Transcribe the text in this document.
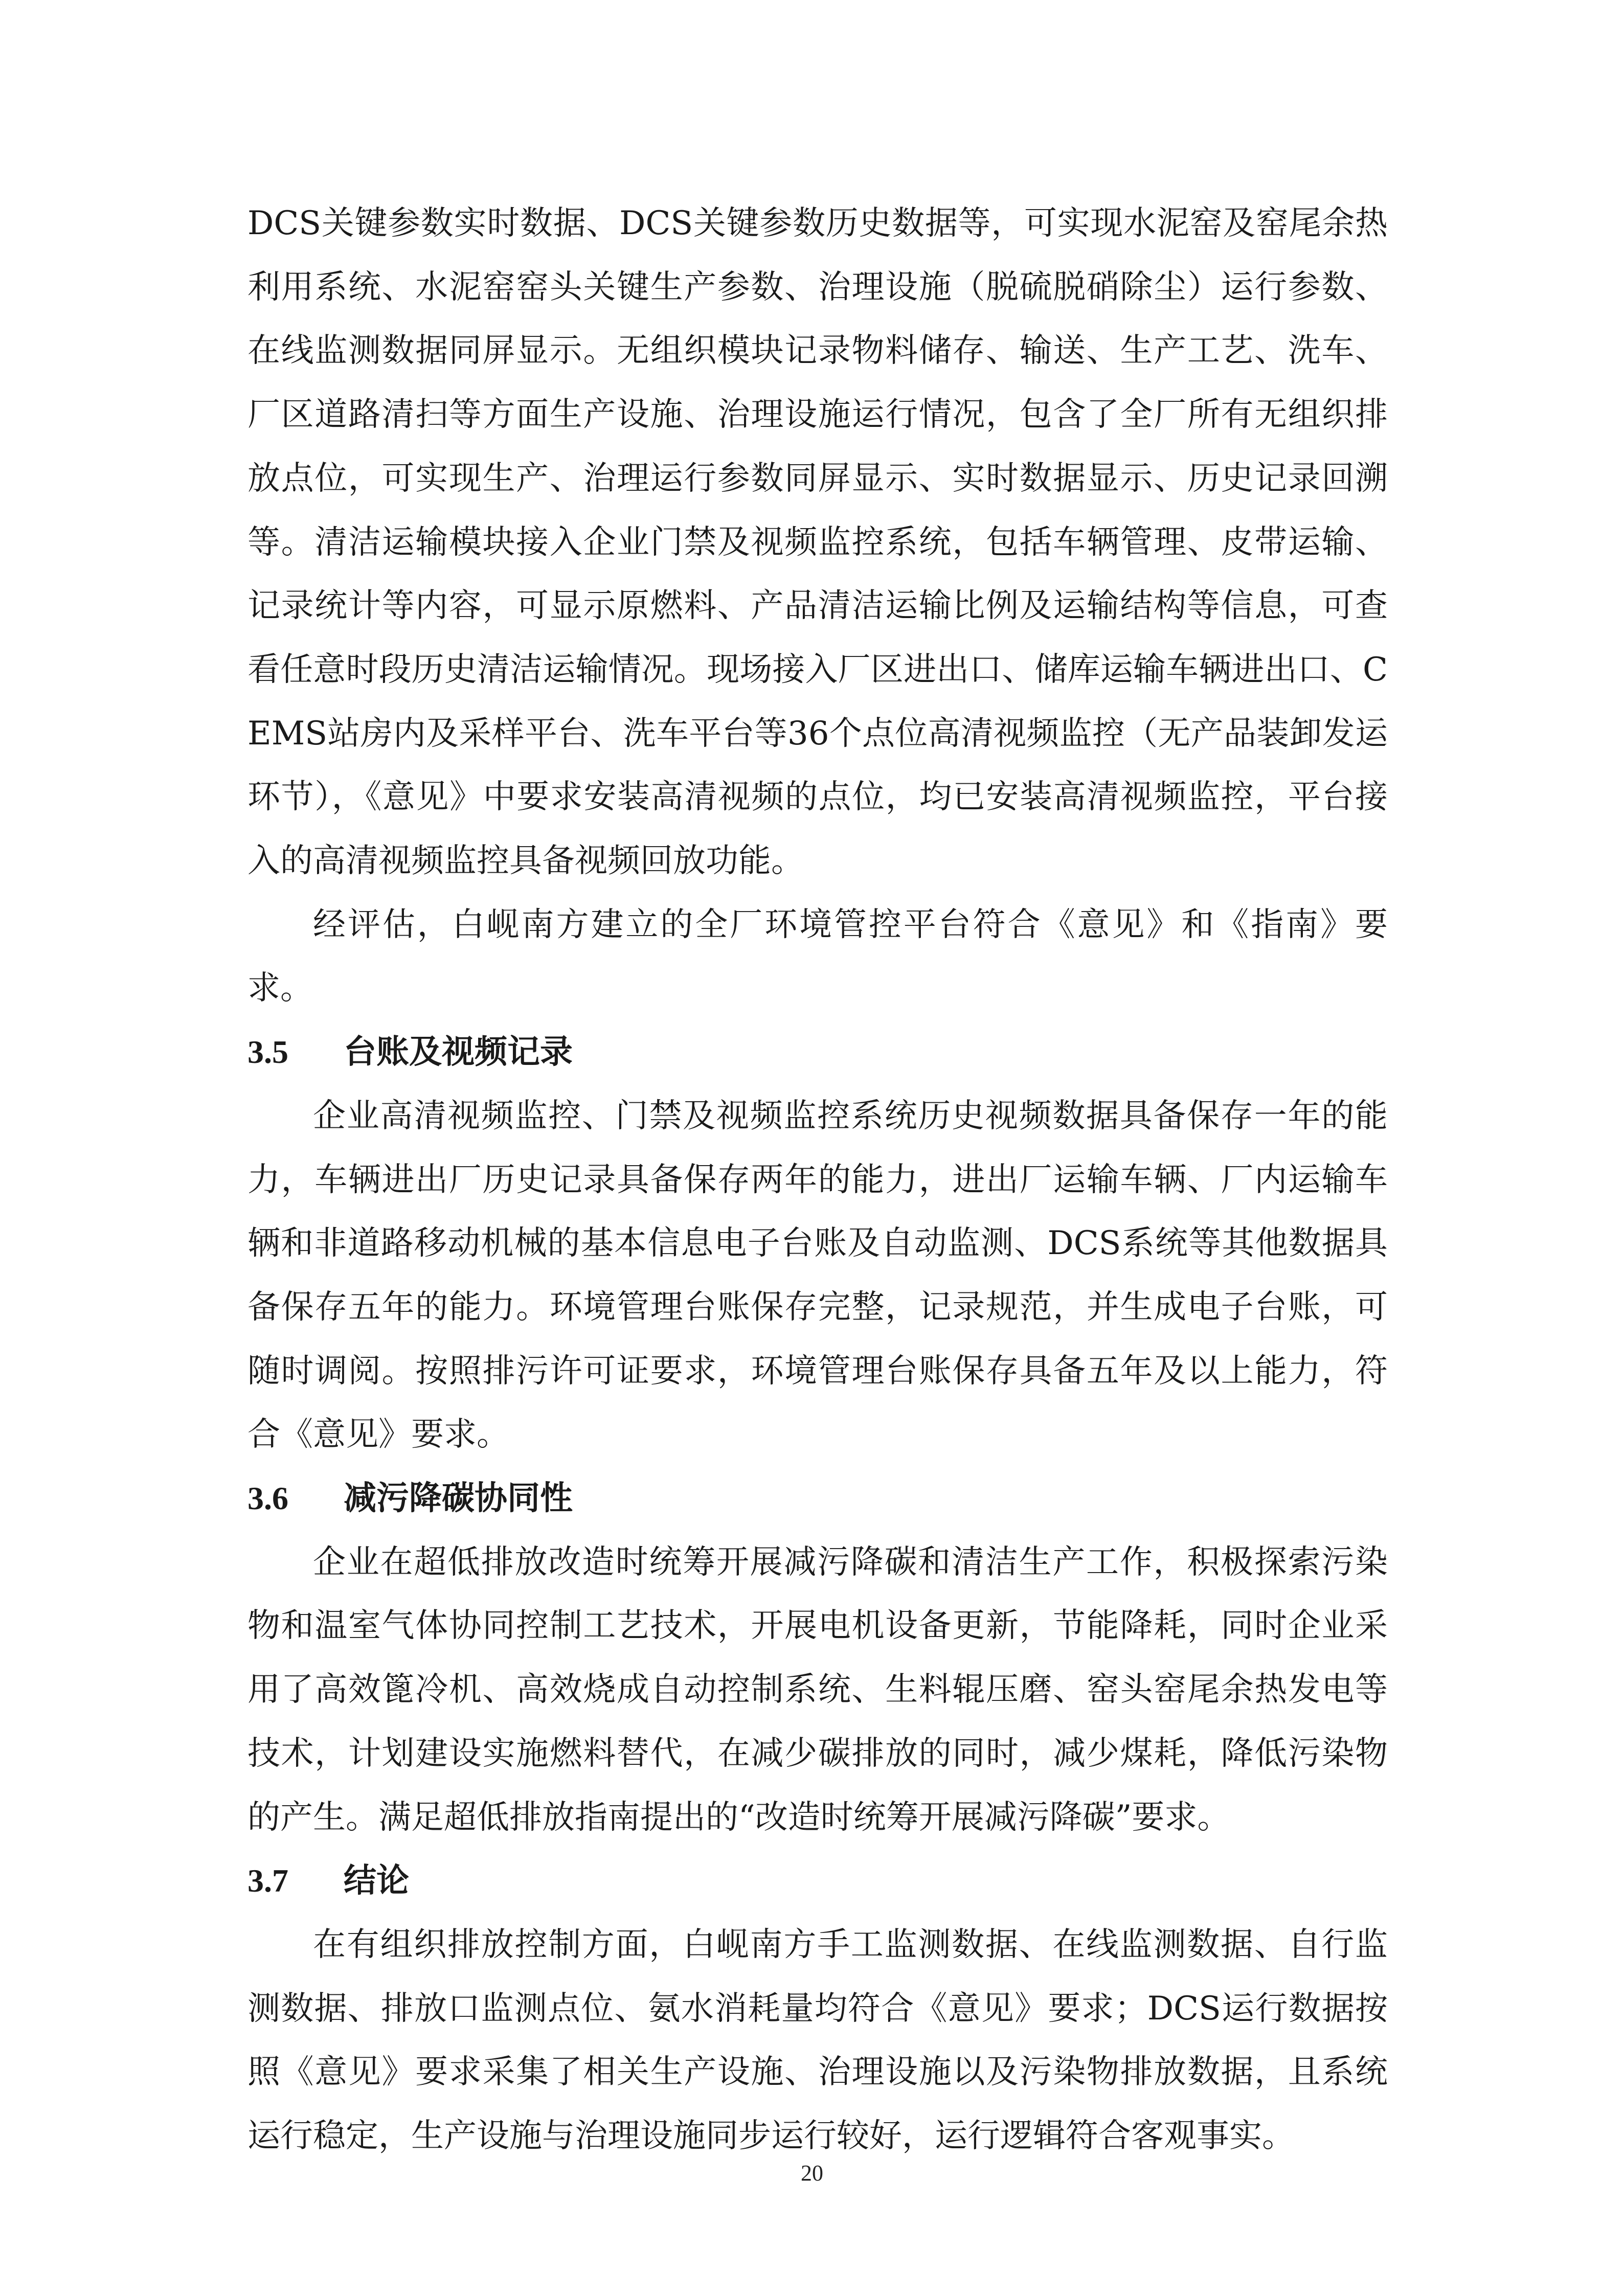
DCS关键参数实时数据、DCS关键参数历史数据等，可实现水泥窑及窑尾余热利用系统、水泥窑窑头关键生产参数、治理设施（脱硫脱硝除尘）运行参数、在线监测数据同屏显示。无组织模块记录物料储存、输送、生产工艺、洗车、厂区道路清扫等方面生产设施、治理设施运行情况，包含了全厂所有无组织排放点位，可实现生产、治理运行参数同屏显示、实时数据显示、历史记录回溯等。清洁运输模块接入企业门禁及视频监控系统，包括车辆管理、皮带运输、记录统计等内容，可显示原燃料、产品清洁运输比例及运输结构等信息，可查看任意时段历史清洁运输情况。现场接入厂区进出口、储库运输车辆进出口、CEMS站房内及采样平台、洗车平台等36个点位高清视频监控（无产品装卸发运环节），《意见》中要求安装高清视频的点位，均已安装高清视频监控，平台接入的高清视频监控具备视频回放功能。

经评估，白岘南方建立的全厂环境管控平台符合《意见》和《指南》要求。

3.5	台账及视频记录

企业高清视频监控、门禁及视频监控系统历史视频数据具备保存一年的能力，车辆进出厂历史记录具备保存两年的能力，进出厂运输车辆、厂内运输车辆和非道路移动机械的基本信息电子台账及自动监测、DCS系统等其他数据具备保存五年的能力。环境管理台账保存完整，记录规范，并生成电子台账，可随时调阅。按照排污许可证要求，环境管理台账保存具备五年及以上能力，符合《意见》要求。

3.6	减污降碳协同性

企业在超低排放改造时统筹开展减污降碳和清洁生产工作，积极探索污染物和温室气体协同控制工艺技术，开展电机设备更新，节能降耗，同时企业采用了高效篦冷机、高效烧成自动控制系统、生料辊压磨、窑头窑尾余热发电等技术，计划建设实施燃料替代，在减少碳排放的同时，减少煤耗，降低污染物的产生。满足超低排放指南提出的“改造时统筹开展减污降碳”要求。

3.7	结论

在有组织排放控制方面，白岘南方手工监测数据、在线监测数据、自行监测数据、排放口监测点位、氨水消耗量均符合《意见》要求；DCS运行数据按照《意见》要求采集了相关生产设施、治理设施以及污染物排放数据，且系统运行稳定，生产设施与治理设施同步运行较好，运行逻辑符合客观事实。

20
